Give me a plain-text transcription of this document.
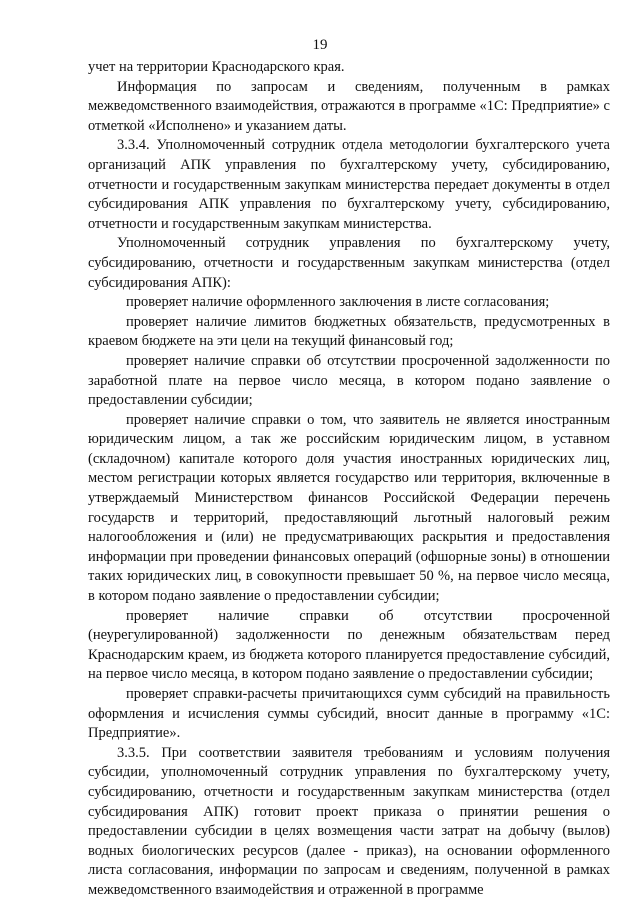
19

учет на территории Краснодарского края.

Информация по запросам и сведениям, полученным в рамках межведомственного взаимодействия, отражаются в программе «1С: Предприятие» с отметкой «Исполнено» и указанием даты.

3.3.4. Уполномоченный сотрудник отдела методологии бухгалтерского учета организаций АПК управления по бухгалтерскому учету, субсидированию, отчетности и государственным закупкам министерства передает документы в отдел субсидирования АПК управления по бухгалтерскому учету, субсидированию, отчетности и государственным закупкам министерства.

Уполномоченный сотрудник управления по бухгалтерскому учету, субсидированию, отчетности и государственным закупкам министерства (отдел субсидирования АПК):

проверяет наличие оформленного заключения в листе согласования;

проверяет наличие лимитов бюджетных обязательств, предусмотренных в краевом бюджете на эти цели на текущий финансовый год;

проверяет наличие справки об отсутствии просроченной задолженности по заработной плате на первое число месяца, в котором подано заявление о предоставлении субсидии;

проверяет наличие справки о том, что заявитель не является иностранным юридическим лицом, а так же российским юридическим лицом, в уставном (складочном) капитале которого доля участия иностранных юридических лиц, местом регистрации которых является государство или территория, включенные в утверждаемый Министерством финансов Российской Федерации перечень государств и территорий, предоставляющий льготный налоговый режим налогообложения и (или) не предусматривающих раскрытия и предоставления информации при проведении финансовых операций (офшорные зоны) в отношении таких юридических лиц, в совокупности превышает 50 %, на первое число месяца, в котором подано заявление о предоставлении субсидии;

проверяет наличие справки об отсутствии просроченной (неурегулированной) задолженности по денежным обязательствам перед Краснодарским краем, из бюджета которого планируется предоставление субсидий, на первое число месяца, в котором подано заявление о предоставлении субсидии;

проверяет справки-расчеты причитающихся сумм субсидий на правильность оформления и исчисления суммы субсидий, вносит данные в программу «1С: Предприятие».

3.3.5. При соответствии заявителя требованиям и условиям получения субсидии, уполномоченный сотрудник управления по бухгалтерскому учету, субсидированию, отчетности и государственным закупкам министерства (отдел субсидирования АПК) готовит проект приказа о принятии решения о предоставлении субсидии в целях возмещения части затрат на добычу (вылов) водных биологических ресурсов (далее - приказ), на основании оформленного листа согласования, информации по запросам и сведениям, полученной в рамках межведомственного взаимодействия и отраженной в программе
